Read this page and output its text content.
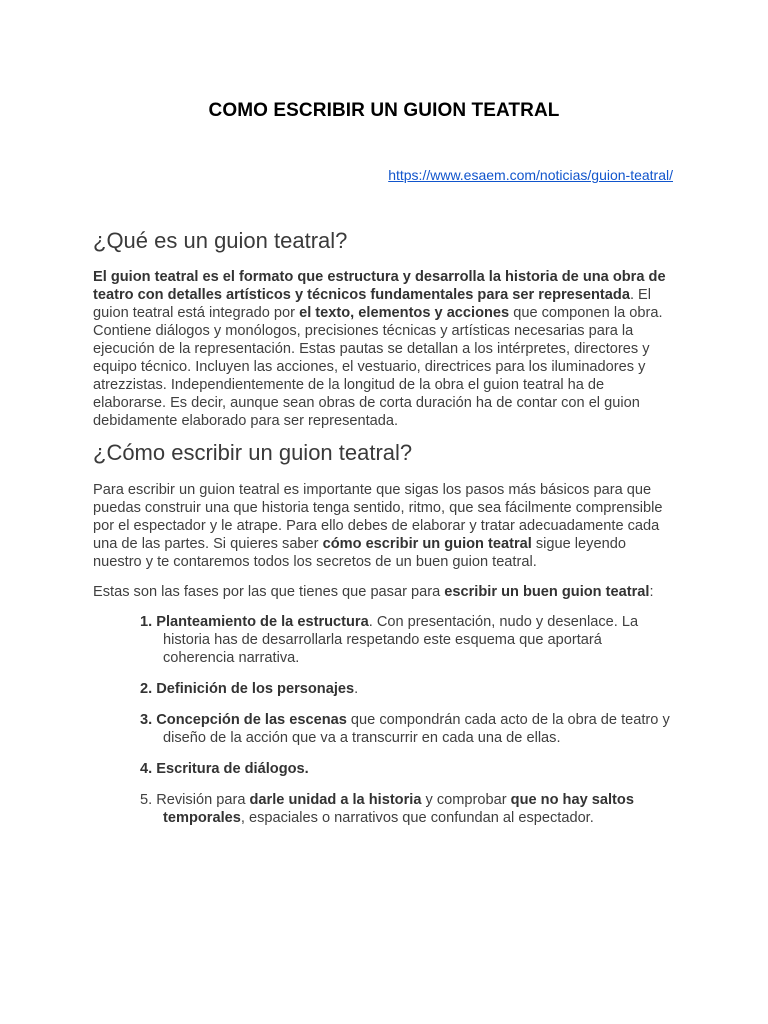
COMO ESCRIBIR UN GUION TEATRAL
https://www.esaem.com/noticias/guion-teatral/
¿Qué es un guion teatral?

El guion teatral es el formato que estructura y desarrolla la historia de una obra de teatro con detalles artísticos y técnicos fundamentales para ser representada. El guion teatral está integrado por el texto, elementos y acciones que componen la obra. Contiene diálogos y monólogos, precisiones técnicas y artísticas necesarias para la ejecución de la representación. Estas pautas se detallan a los intérpretes, directores y equipo técnico. Incluyen las acciones, el vestuario, directrices para los iluminadores y atrezzistas. Independientemente de la longitud de la obra el guion teatral ha de elaborarse. Es decir, aunque sean obras de corta duración ha de contar con el guion debidamente elaborado para ser representada.

¿Cómo escribir un guion teatral?

Para escribir un guion teatral es importante que sigas los pasos más básicos para que puedas construir una que historia tenga sentido, ritmo, que sea fácilmente comprensible por el espectador y le atrape. Para ello debes de elaborar y tratar adecuadamente cada una de las partes. Si quieres saber cómo escribir un guion teatral sigue leyendo nuestro y te contaremos todos los secretos de un buen guion teatral.

Estas son las fases por las que tienes que pasar para escribir un buen guion teatral:

1. Planteamiento de la estructura. Con presentación, nudo y desenlace. La historia has de desarrollarla respetando este esquema que aportará coherencia narrativa.
2. Definición de los personajes.
3. Concepción de las escenas que compondrán cada acto de la obra de teatro y diseño de la acción que va a transcurrir en cada una de ellas.
4. Escritura de diálogos.
5. Revisión para darle unidad a la historia y comprobar que no hay saltos temporales, espaciales o narrativos que confundan al espectador.
